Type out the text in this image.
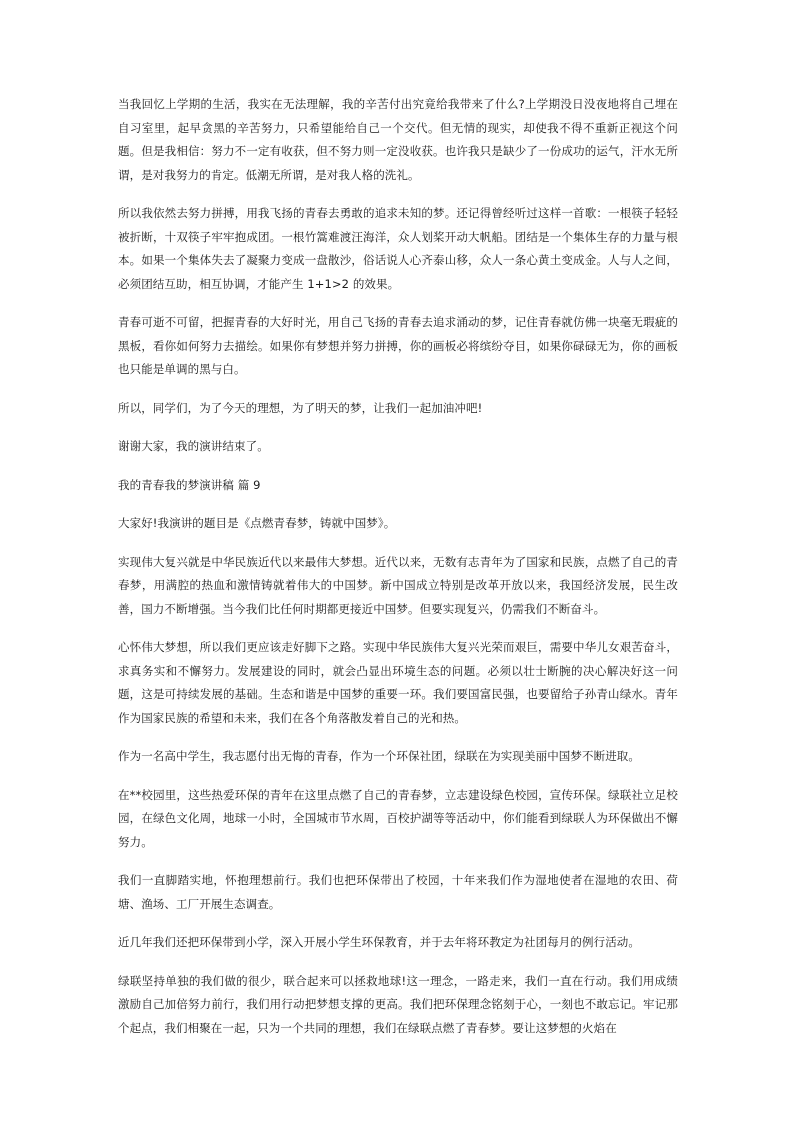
当我回忆上学期的生活，我实在无法理解，我的辛苦付出究竟给我带来了什么?上学期没日没夜地将自己埋在自习室里，起早贪黑的辛苦努力，只希望能给自己一个交代。但无情的现实，却使我不得不重新正视这个问题。但是我相信：努力不一定有收获，但不努力则一定没收获。也许我只是缺少了一份成功的运气，汗水无所谓，是对我努力的肯定。低潮无所谓，是对我人格的洗礼。

所以我依然去努力拼搏，用我飞扬的青春去勇敢的追求未知的梦。还记得曾经听过这样一首歌：一根筷子轻轻被折断，十双筷子牢牢抱成团。一根竹篙难渡汪海洋，众人划桨开动大帆船。团结是一个集体生存的力量与根本。如果一个集体失去了凝聚力变成一盘散沙，俗话说人心齐泰山移，众人一条心黄土变成金。人与人之间，必须团结互助，相互协调，才能产生 1+1>2 的效果。

青春可逝不可留，把握青春的大好时光，用自己飞扬的青春去追求涌动的梦，记住青春就仿佛一块毫无瑕疵的黑板，看你如何努力去描绘。如果你有梦想并努力拼搏，你的画板必将缤纷夺目，如果你碌碌无为，你的画板也只能是单调的黑与白。

所以，同学们，为了今天的理想，为了明天的梦，让我们一起加油冲吧!

谢谢大家，我的演讲结束了。

我的青春我的梦演讲稿 篇 9

大家好!我演讲的题目是《点燃青春梦，铸就中国梦》。

实现伟大复兴就是中华民族近代以来最伟大梦想。近代以来，无数有志青年为了国家和民族，点燃了自己的青春梦，用满腔的热血和激情铸就着伟大的中国梦。新中国成立特别是改革开放以来，我国经济发展，民生改善，国力不断增强。当今我们比任何时期都更接近中国梦。但要实现复兴，仍需我们不断奋斗。

心怀伟大梦想，所以我们更应该走好脚下之路。实现中华民族伟大复兴光荣而艰巨，需要中华儿女艰苦奋斗，求真务实和不懈努力。发展建设的同时，就会凸显出环境生态的问题。必须以壮士断腕的决心解决好这一问题，这是可持续发展的基础。生态和谐是中国梦的重要一环。我们要国富民强，也要留给子孙青山绿水。青年作为国家民族的希望和未来，我们在各个角落散发着自己的光和热。

作为一名高中学生，我志愿付出无悔的青春，作为一个环保社团，绿联在为实现美丽中国梦不断进取。

在**校园里，这些热爱环保的青年在这里点燃了自己的青春梦，立志建设绿色校园，宣传环保。绿联社立足校园，在绿色文化周，地球一小时，全国城市节水周，百校护湖等等活动中，你们能看到绿联人为环保做出不懈努力。

我们一直脚踏实地，怀抱理想前行。我们也把环保带出了校园，十年来我们作为湿地使者在湿地的农田、荷塘、渔场、工厂开展生态调查。

近几年我们还把环保带到小学，深入开展小学生环保教育，并于去年将环教定为社团每月的例行活动。

绿联坚持单独的我们做的很少，联合起来可以拯救地球!这一理念，一路走来，我们一直在行动。我们用成绩激励自己加倍努力前行，我们用行动把梦想支撑的更高。我们把环保理念铭刻于心，一刻也不敢忘记。牢记那个起点，我们相聚在一起，只为一个共同的理想，我们在绿联点燃了青春梦。要让这梦想的火焰在
